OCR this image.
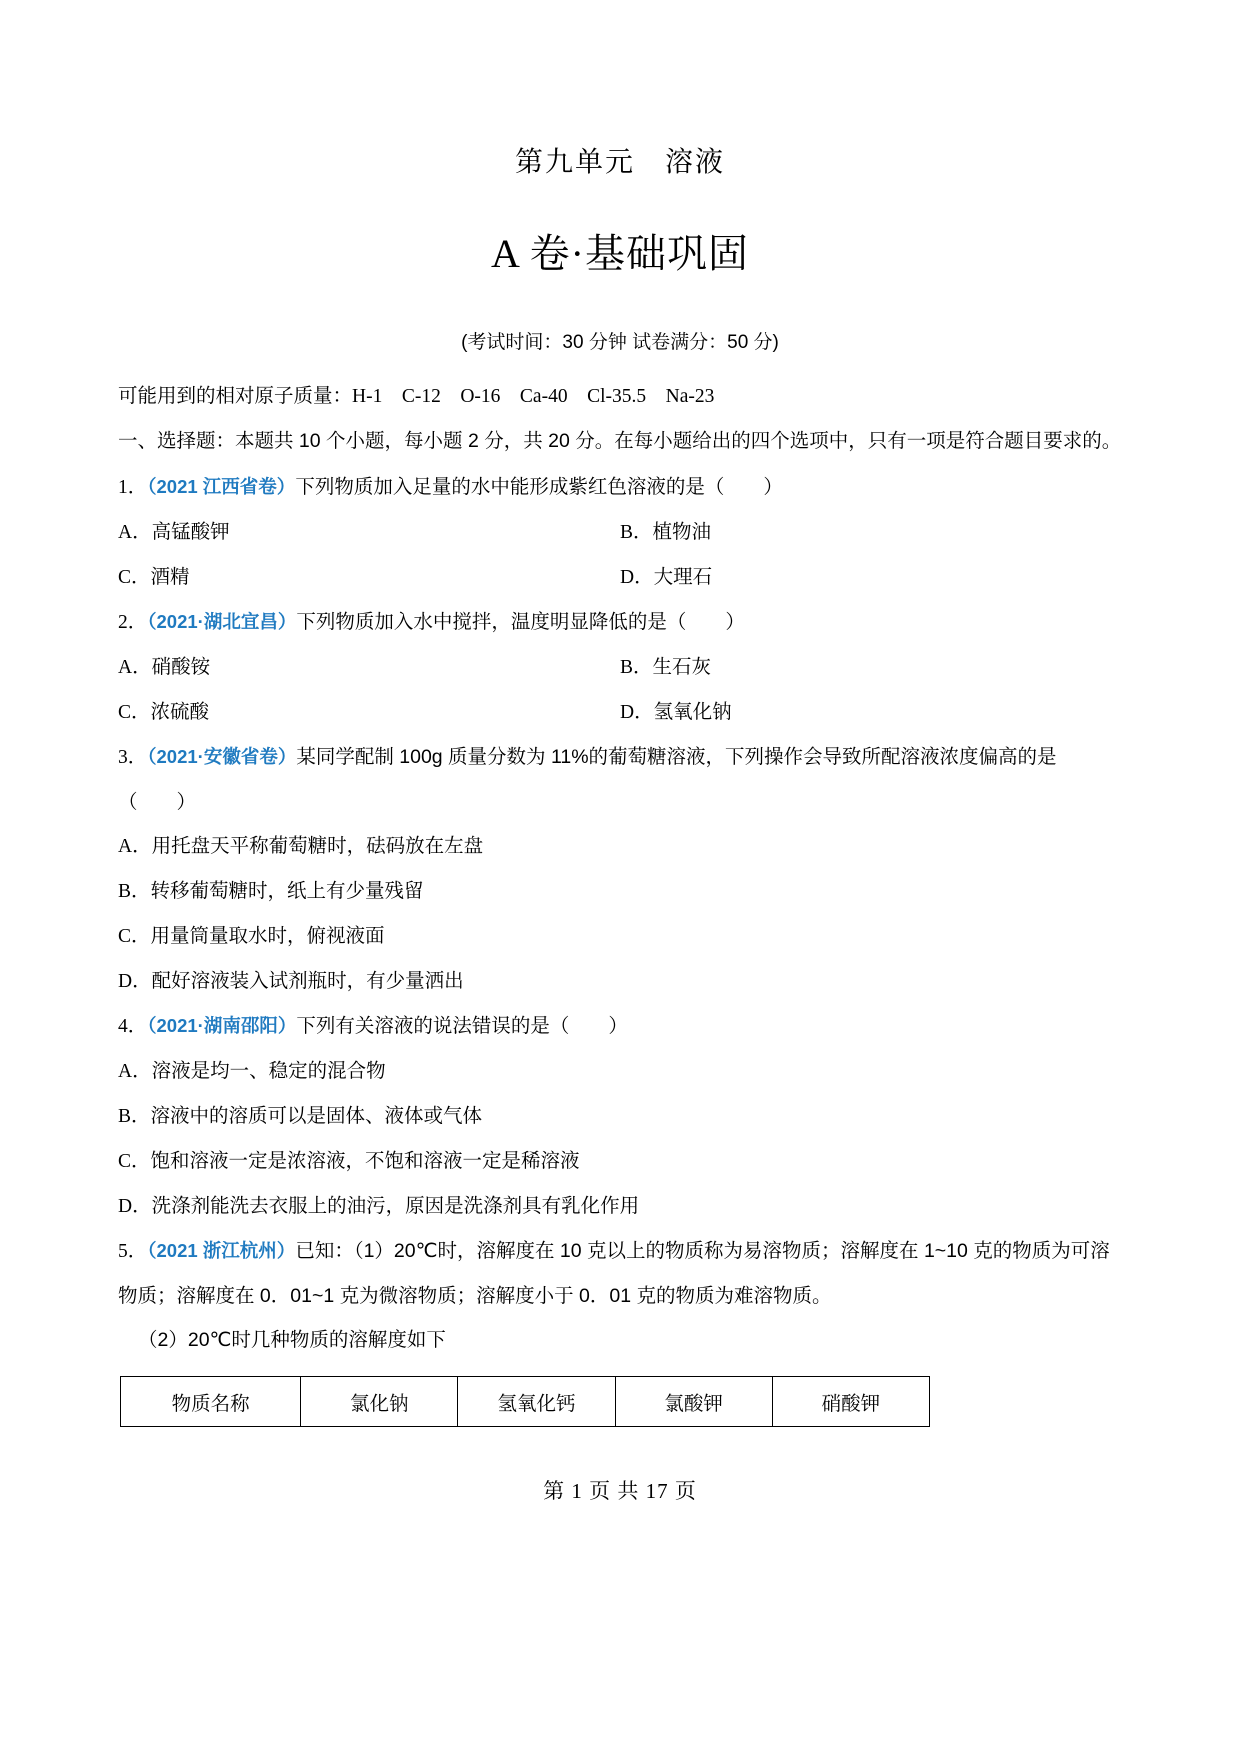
第九单元　溶液
A 卷·基础巩固
(考试时间：30 分钟 试卷满分：50 分)
可能用到的相对原子质量：H-1　C-12　O-16　Ca-40　Cl-35.5　Na-23
一、选择题：本题共 10 个小题，每小题 2 分，共 20 分。在每小题给出的四个选项中，只有一项是符合题目要求的。
1．（2021 江西省卷）下列物质加入足量的水中能形成紫红色溶液的是（　　）
A．高锰酸钾	B．植物油
C．酒精	D．大理石
2．（2021·湖北宜昌）下列物质加入水中搅拌，温度明显降低的是（　　）
A．硝酸铵	B．生石灰
C．浓硫酸	D．氢氧化钠
3．（2021·安徽省卷）某同学配制 100g 质量分数为 11%的葡萄糖溶液，下列操作会导致所配溶液浓度偏高的是（　　）
A．用托盘天平称葡萄糖时，砝码放在左盘
B．转移葡萄糖时，纸上有少量残留
C．用量筒量取水时，俯视液面
D．配好溶液装入试剂瓶时，有少量洒出
4．（2021·湖南邵阳）下列有关溶液的说法错误的是（　　）
A．溶液是均一、稳定的混合物
B．溶液中的溶质可以是固体、液体或气体
C．饱和溶液一定是浓溶液，不饱和溶液一定是稀溶液
D．洗涤剂能洗去衣服上的油污，原因是洗涤剂具有乳化作用
5．（2021 浙江杭州）已知：（1）20℃时，溶解度在 10 克以上的物质称为易溶物质；溶解度在 1~10 克的物质为可溶物质；溶解度在 0．01~1 克为微溶物质；溶解度小于 0．01 克的物质为难溶物质。
（2）20℃时几种物质的溶解度如下
物质名称	氯化钠	氢氧化钙	氯酸钾	硝酸钾
第 1 页 共 17 页
